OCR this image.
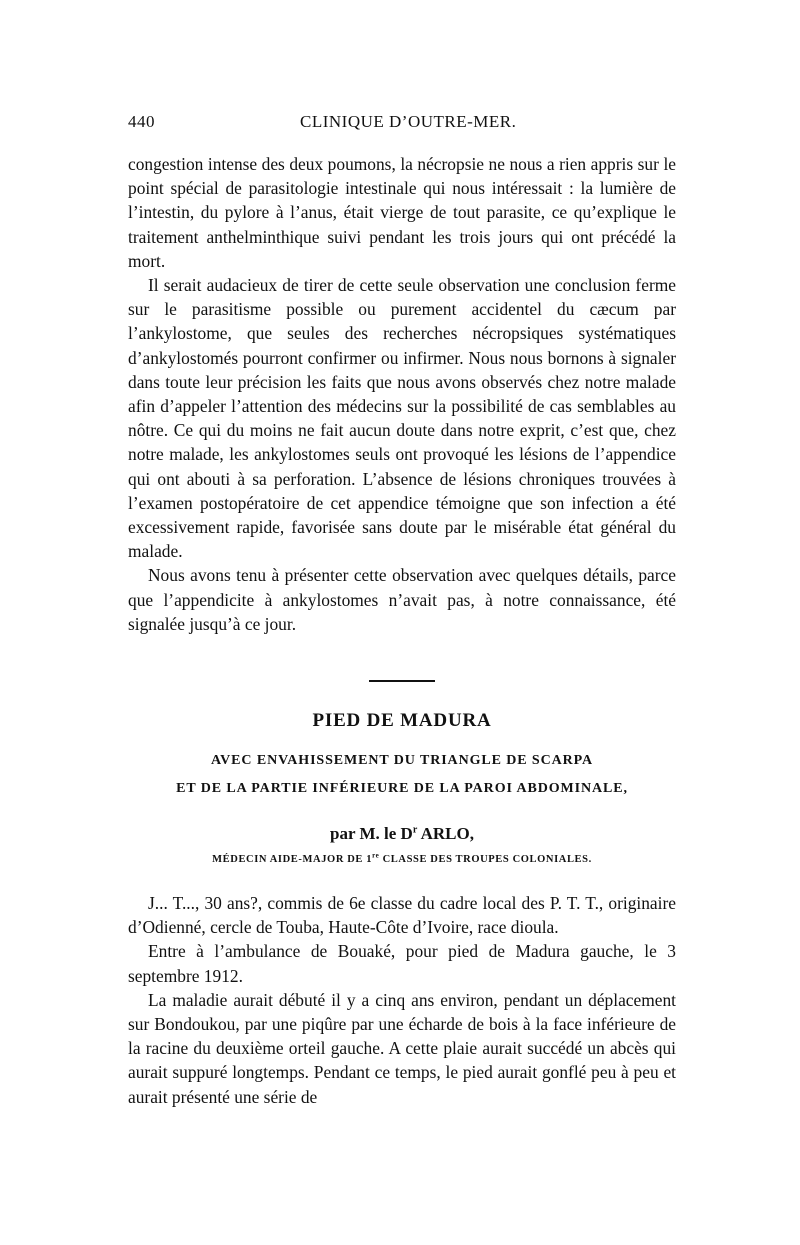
440	CLINIQUE D’OUTRE-MER.

congestion intense des deux poumons, la nécropsie ne nous a rien appris sur le point spécial de parasitologie intestinale qui nous intéressait : la lumière de l’intestin, du pylore à l’anus, était vierge de tout parasite, ce qu’explique le traitement anthelminthique suivi pendant les trois jours qui ont précédé la mort.

Il serait audacieux de tirer de cette seule observation une conclusion ferme sur le parasitisme possible ou purement accidentel du cæcum par l’ankylostome, que seules des recherches nécropsiques systématiques d’ankylostomés pourront confirmer ou infirmer. Nous nous bornons à signaler dans toute leur précision les faits que nous avons observés chez notre malade afin d’appeler l’attention des médecins sur la possibilité de cas semblables au nôtre. Ce qui du moins ne fait aucun doute dans notre exprit, c’est que, chez notre malade, les ankylostomes seuls ont provoqué les lésions de l’appendice qui ont abouti à sa perforation. L’absence de lésions chroniques trouvées à l’examen postopératoire de cet appendice témoigne que son infection a été excessivement rapide, favorisée sans doute par le misérable état général du malade.

Nous avons tenu à présenter cette observation avec quelques détails, parce que l’appendicite à ankylostomes n’avait pas, à notre connaissance, été signalée jusqu’à ce jour.

PIED DE MADURA
AVEC ENVAHISSEMENT DU TRIANGLE DE SCARPA
ET DE LA PARTIE INFÉRIEURE DE LA PAROI ABDOMINALE,
par M. le $D^r$ ARLO,
MÉDECIN AIDE-MAJOR DE 1re CLASSE DES TROUPES COLONIALES.

J... T..., 30 ans?, commis de 6e classe du cadre local des P. T. T., originaire d’Odienné, cercle de Touba, Haute-Côte d’Ivoire, race dioula.

Entre à l’ambulance de Bouaké, pour pied de Madura gauche, le 3 septembre 1912.

La maladie aurait débuté il y a cinq ans environ, pendant un déplacement sur Bondoukou, par une piqûre par une écharde de bois à la face inférieure de la racine du deuxième orteil gauche. A cette plaie aurait succédé un abcès qui aurait suppuré longtemps. Pendant ce temps, le pied aurait gonflé peu à peu et aurait présenté une série de
